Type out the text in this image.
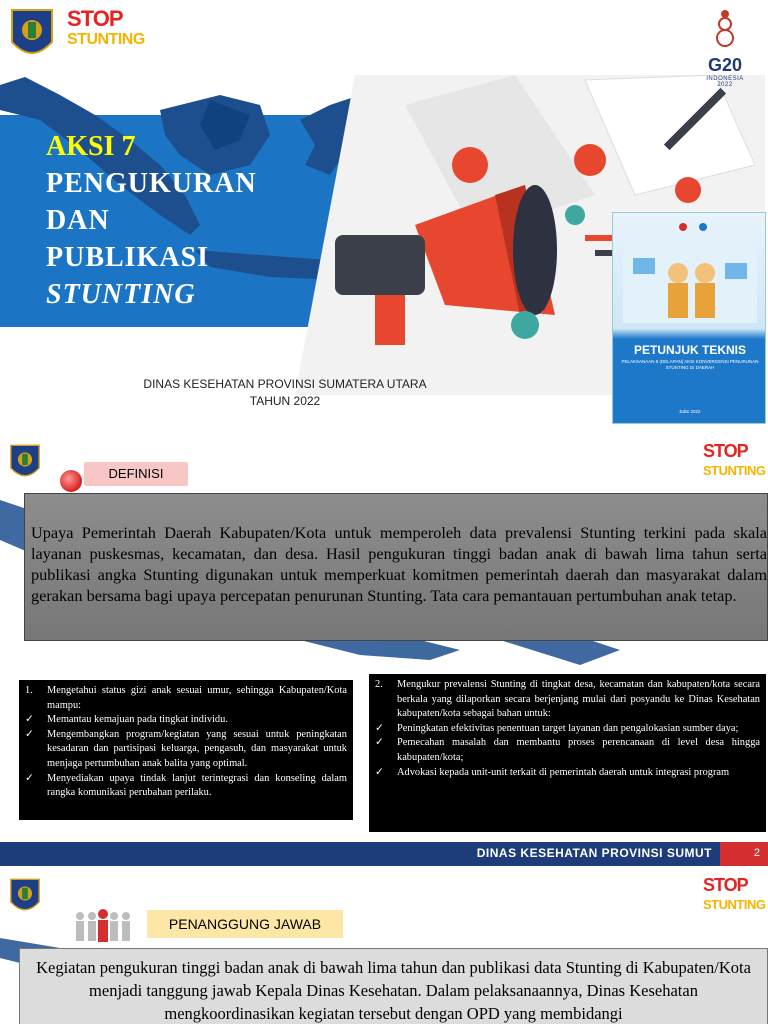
STOP
STUNTING
G20
INDONESIA
2022
AKSI 7
PENGUKURAN
DAN
PUBLIKASI
STUNTING
PETUNJUK TEKNIS
PELAKSANAAN 8 (DELAPAN) AKSI KONVERGENSI PENURUNAN STUNTING DI DAERAH
Edisi 2022
DINAS KESEHATAN PROVINSI SUMATERA UTARA
TAHUN 2022
STOP
STUNTING
DEFINISI
Upaya Pemerintah Daerah Kabupaten/Kota untuk memperoleh data prevalensi Stunting terkini pada skala layanan puskesmas, kecamatan, dan desa. Hasil pengukuran tinggi badan anak di bawah lima tahun serta publikasi angka Stunting digunakan untuk memperkuat komitmen pemerintah daerah dan masyarakat dalam gerakan bersama bagi upaya percepatan penurunan Stunting. Tata cara pemantauan pertumbuhan anak tetap.
1.	Mengetahui status gizi anak sesuai umur, sehingga Kabupaten/Kota mampu:
✓	Memantau kemajuan pada tingkat individu.
✓	Mengembangkan program/kegiatan yang sesuai untuk peningkatan kesadaran dan partisipasi keluarga, pengasuh, dan masyarakat untuk menjaga pertumbuhan anak balita yang optimal.
✓	Menyediakan upaya tindak lanjut terintegrasi dan konseling dalam rangka komunikasi perubahan perilaku.
2.	Mengukur prevalensi Stunting di tingkat desa, kecamatan dan kabupaten/kota secara berkala yang dilaporkan secara berjenjang mulai dari posyandu ke Dinas Kesehatan kabupaten/kota sebagai bahan untuk:
✓	Peningkatan efektivitas penentuan target layanan dan pengalokasian sumber daya;
✓	Pemecahan masalah dan membantu proses perencanaan di level desa hingga kabupaten/kota;
✓	Advokasi kepada unit-unit terkait di pemerintah daerah untuk integrasi program
DINAS KESEHATAN PROVINSI SUMUT	2
STOP
STUNTING
PENANGGUNG JAWAB
Kegiatan pengukuran tinggi badan anak di bawah lima tahun dan publikasi data Stunting di Kabupaten/Kota menjadi tanggung jawab Kepala Dinas Kesehatan. Dalam pelaksanaannya, Dinas Kesehatan mengkoordinasikan kegiatan tersebut dengan OPD yang membidangi
